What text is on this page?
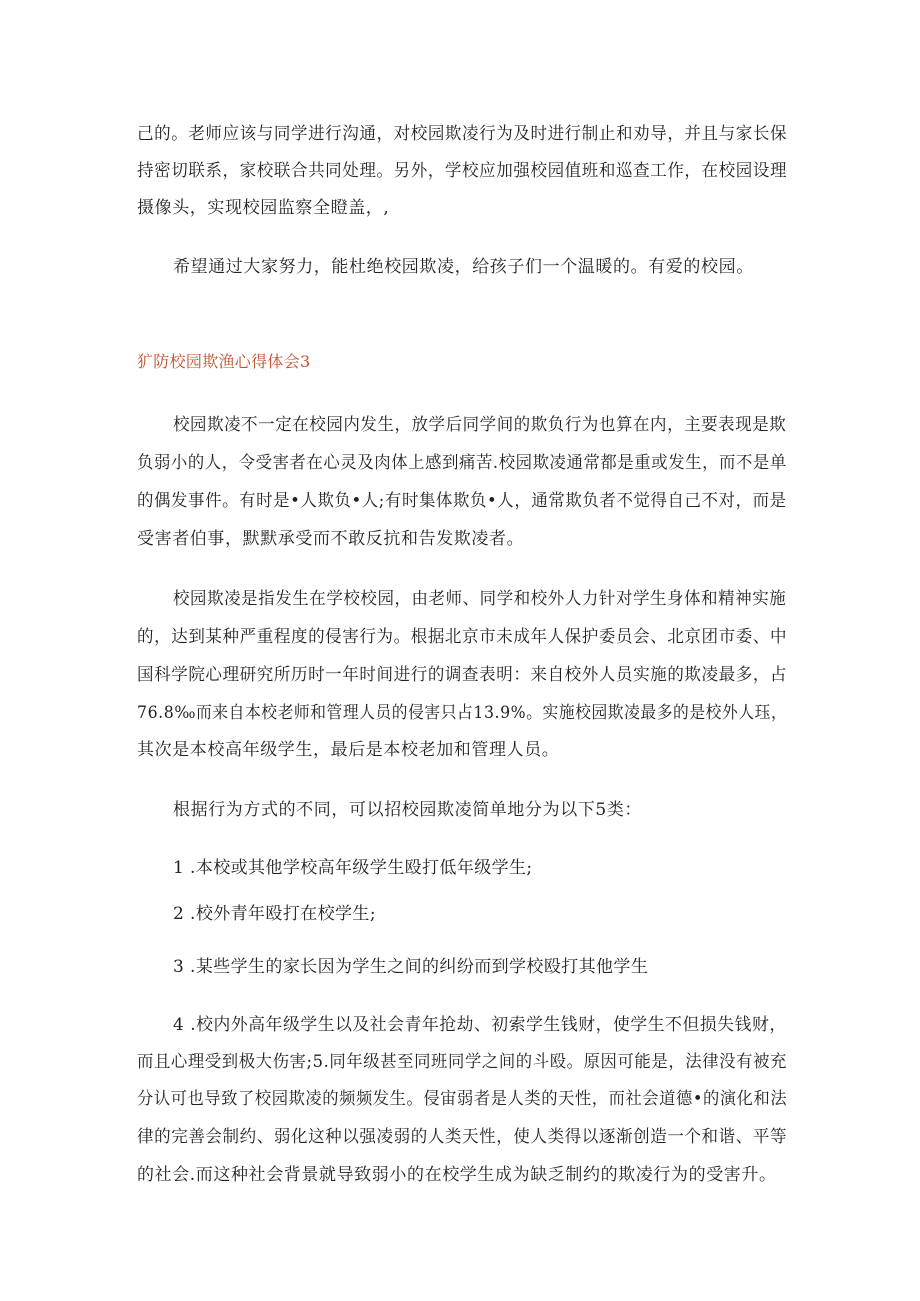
己的。老师应该与同学进行沟通，对校园欺凌行为及时进行制止和劝导，并且与家长保
持密切联系，家校联合共同处理。另外，学校应加强校园值班和巡查工作，在校园设理
摄像头，实现校园监察全瞪盖，,
希望通过大家努力，能杜绝校园欺凌，给孩子们一个温暖的。有爱的校园。
犷防校园欺渔心得体会3
校园欺凌不一定在校园内发生，放学后同学间的欺负行为也算在内，主要表现是欺
负弱小的人，令受害者在心灵及肉体上感到痛苦.校园欺凌通常都是重或发生，而不是单
的偶发事件。有时是•人欺负•人;有时集体欺负•人，通常欺负者不觉得自己不对，而是
受害者伯事，默默承受而不敢反抗和告发欺凌者。
校园欺凌是指发生在学校校园，由老师、同学和校外人力针对学生身体和精神实施
的，达到某种严重程度的侵害行为。根据北京市未成年人保护委员会、北京团市委、中
国科学院心理研究所历时一年时间进行的调查表明：来自校外人员实施的欺凌最多，占
76.8‰而来自本校老师和管理人员的侵害只占13.9%。实施校园欺凌最多的是校外人珏，
其次是本校高年级学生，最后是本校老加和管理人员。
根据行为方式的不同，可以招校园欺凌简单地分为以下5类：
1 .本校或其他学校高年级学生殴打低年级学生;
2 .校外青年殴打在校学生;
3 .某些学生的家长因为学生之间的纠纷而到学校殴打其他学生
4 .校内外高年级学生以及社会青年抢劫、初索学生钱财，使学生不但损失钱财，
而且心理受到极大伤害;5.同年级甚至同班同学之间的斗殴。原因可能是，法律没有被充
分认可也导致了校园欺凌的频频发生。侵宙弱者是人类的天性，而社会道德•的演化和法
律的完善会制约、弱化这种以强凌弱的人类天性，使人类得以逐渐创造一个和谐、平等
的社会.而这种社会背景就导致弱小的在校学生成为缺乏制约的欺凌行为的受害升。
